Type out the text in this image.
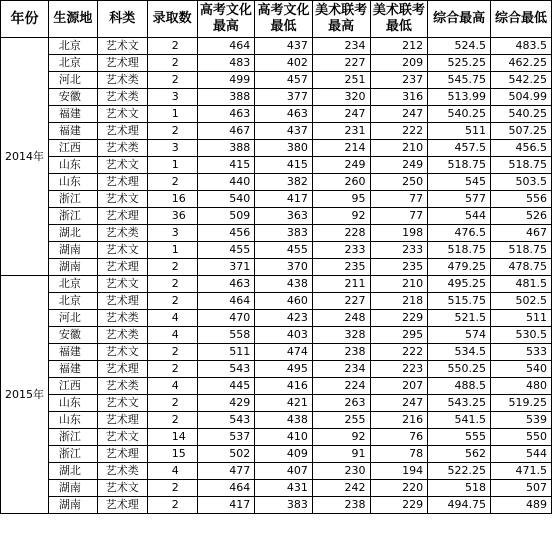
年份	生源地	科类	录取数	高考文化最高	高考文化最低	美术联考最高	美术联考最低	综合最高	综合最低
2014年	北京	艺术文	2	464	437	234	212	524.5	483.5
	北京	艺术理	2	483	402	227	209	525.25	462.25
	河北	艺术类	2	499	457	251	237	545.75	542.25
	安徽	艺术类	3	388	377	320	316	513.99	504.99
	福建	艺术文	1	463	463	247	247	540.25	540.25
	福建	艺术理	2	467	437	231	222	511	507.25
	江西	艺术类	3	388	380	214	210	457.5	456.5
	山东	艺术文	1	415	415	249	249	518.75	518.75
	山东	艺术理	2	440	382	260	250	545	503.5
	浙江	艺术文	16	540	417	95	77	577	556
	浙江	艺术理	36	509	363	92	77	544	526
	湖北	艺术类	3	456	383	228	198	476.5	467
	湖南	艺术文	1	455	455	233	233	518.75	518.75
	湖南	艺术理	2	371	370	235	235	479.25	478.75
2015年	北京	艺术文	2	463	438	211	210	495.25	481.5
	北京	艺术理	2	464	460	227	218	515.75	502.5
	河北	艺术类	4	470	423	248	229	521.5	511
	安徽	艺术类	4	558	403	328	295	574	530.5
	福建	艺术文	2	511	474	238	222	534.5	533
	福建	艺术理	2	543	495	234	223	550.25	540
	江西	艺术类	4	445	416	224	207	488.5	480
	山东	艺术文	2	429	421	263	247	543.25	519.25
	山东	艺术理	2	543	438	255	216	541.5	539
	浙江	艺术文	14	537	410	92	76	555	550
	浙江	艺术理	15	502	409	91	78	562	544
	湖北	艺术类	4	477	407	230	194	522.25	471.5
	湖南	艺术文	2	464	431	242	220	518	507
	湖南	艺术理	2	417	383	238	229	494.75	489
